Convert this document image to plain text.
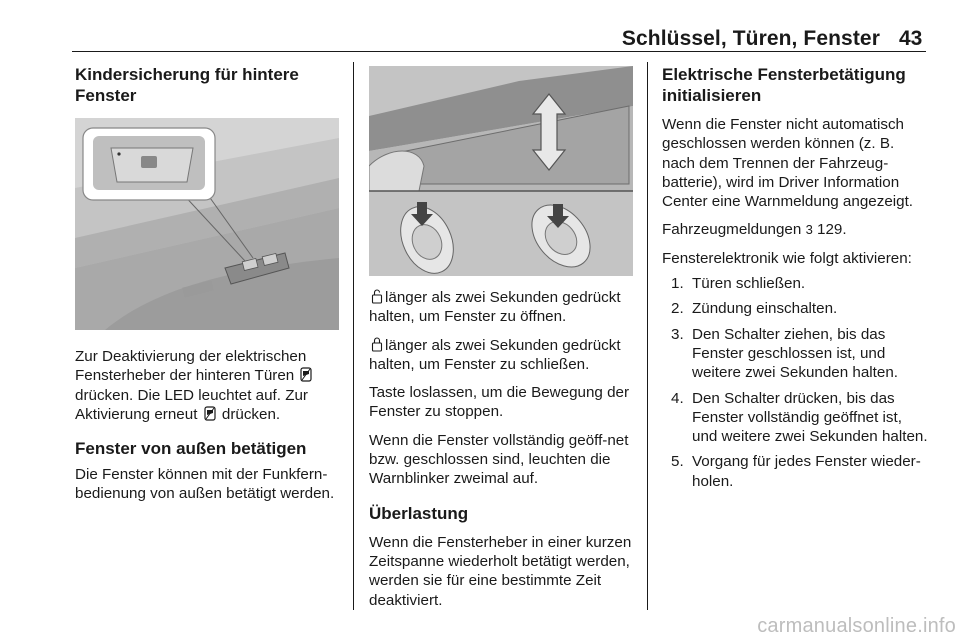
Schlüssel, Türen, Fenster 43
Kindersicherung für hintere Fenster

Zur Deaktivierung der elektrischen Fensterheber der hinteren Türen  drücken. Die LED leuchtet auf. Zur Aktivierung erneut drücken.

Fenster von außen betätigen

Die Fenster können mit der Funkfern-bedienung von außen betätigt werden.

länger als zwei Sekunden gedrückt halten, um Fenster zu öffnen.

länger als zwei Sekunden gedrückt halten, um Fenster zu schließen.

Taste loslassen, um die Bewegung der Fenster zu stoppen.

Wenn die Fenster vollständig geöff-net bzw. geschlossen sind, leuchten die Warnblinker zweimal auf.

Überlastung

Wenn die Fensterheber in einer kurzen Zeitspanne wiederholt betätigt werden, werden sie für eine bestimmte Zeit deaktiviert.

Elektrische Fensterbetätigung initialisieren

Wenn die Fenster nicht automatisch geschlossen werden können (z. B. nach dem Trennen der Fahrzeug-batterie), wird im Driver Information Center eine Warnmeldung angezeigt.

Fahrzeugmeldungen 3 129.

Fensterelektronik wie folgt aktivieren:

1. Türen schließen.
2. Zündung einschalten.
3. Den Schalter ziehen, bis das Fenster geschlossen ist, und weitere zwei Sekunden halten.
4. Den Schalter drücken, bis das Fenster vollständig geöffnet ist, und weitere zwei Sekunden halten.
5. Vorgang für jedes Fenster wieder-holen.
carmanualsonline.info
